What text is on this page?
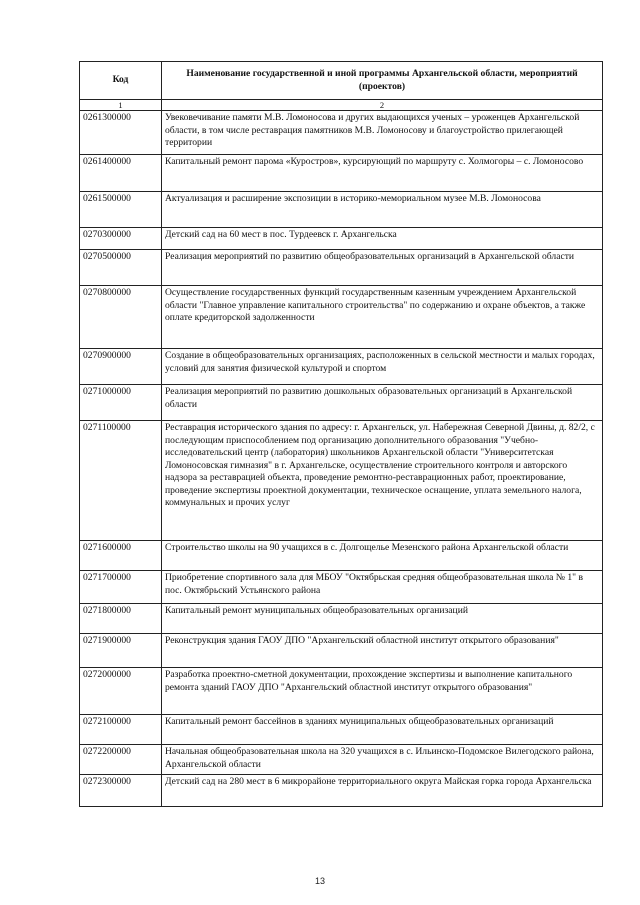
Код	Наименование государственной и иной программы Архангельской области, мероприятий (проектов)
1	2
0261300000	Увековечивание памяти М.В. Ломоносова и других выдающихся ученых – уроженцев Архангельской области, в том числе реставрация памятников М.В. Ломоносову и благоустройство прилегающей территории
0261400000	Капитальный ремонт парома «Куростров», курсирующий по маршруту с. Холмогоры – с. Ломоносово
0261500000	Актуализация и расширение экспозиции в историко-мемориальном музее М.В. Ломоносова
0270300000	Детский сад на 60 мест в пос. Турдеевск г. Архангельска
0270500000	Реализация мероприятий по развитию общеобразовательных организаций в Архангельской области
0270800000	Осуществление государственных функций государственным казенным учреждением Архангельской области "Главное управление капитального строительства" по содержанию и охране объектов, а также оплате кредиторской задолженности
0270900000	Создание в общеобразовательных организациях, расположенных в сельской местности и малых городах, условий для занятия физической культурой и спортом
0271000000	Реализация мероприятий по развитию дошкольных образовательных организаций в Архангельской области
0271100000	Реставрация исторического здания по адресу: г. Архангельск, ул. Набережная Северной Двины, д. 82/2, с последующим приспособлением под организацию дополнительного образования "Учебно-исследовательский центр (лаборатория) школьников Архангельской области "Университетская Ломоносовская гимназия" в г. Архангельске, осуществление строительного контроля и авторского надзора за реставрацией объекта, проведение ремонтно-реставрационных работ, проектирование, проведение экспертизы проектной документации, техническое оснащение, уплата земельного налога, коммунальных и прочих услуг
0271600000	Строительство школы на 90 учащихся в с. Долгощелье Мезенского района Архангельской области
0271700000	Приобретение спортивного зала для МБОУ "Октябрьская средняя общеобразовательная школа № 1" в пос. Октябрьский Устьянского района
0271800000	Капитальный ремонт муниципальных общеобразовательных организаций
0271900000	Реконструкция здания ГАОУ ДПО "Архангельский областной институт открытого образования"
0272000000	Разработка проектно-сметной документации, прохождение экспертизы и выполнение капитального ремонта зданий ГАОУ ДПО "Архангельский областной институт открытого образования"
0272100000	Капитальный ремонт бассейнов в зданиях муниципальных общеобразовательных организаций
0272200000	Начальная общеобразовательная школа на 320 учащихся в с. Ильинско-Подомское Вилегодского района, Архангельской области
0272300000	Детский сад на 280 мест в 6 микрорайоне территориального округа Майская горка города Архангельска
13
